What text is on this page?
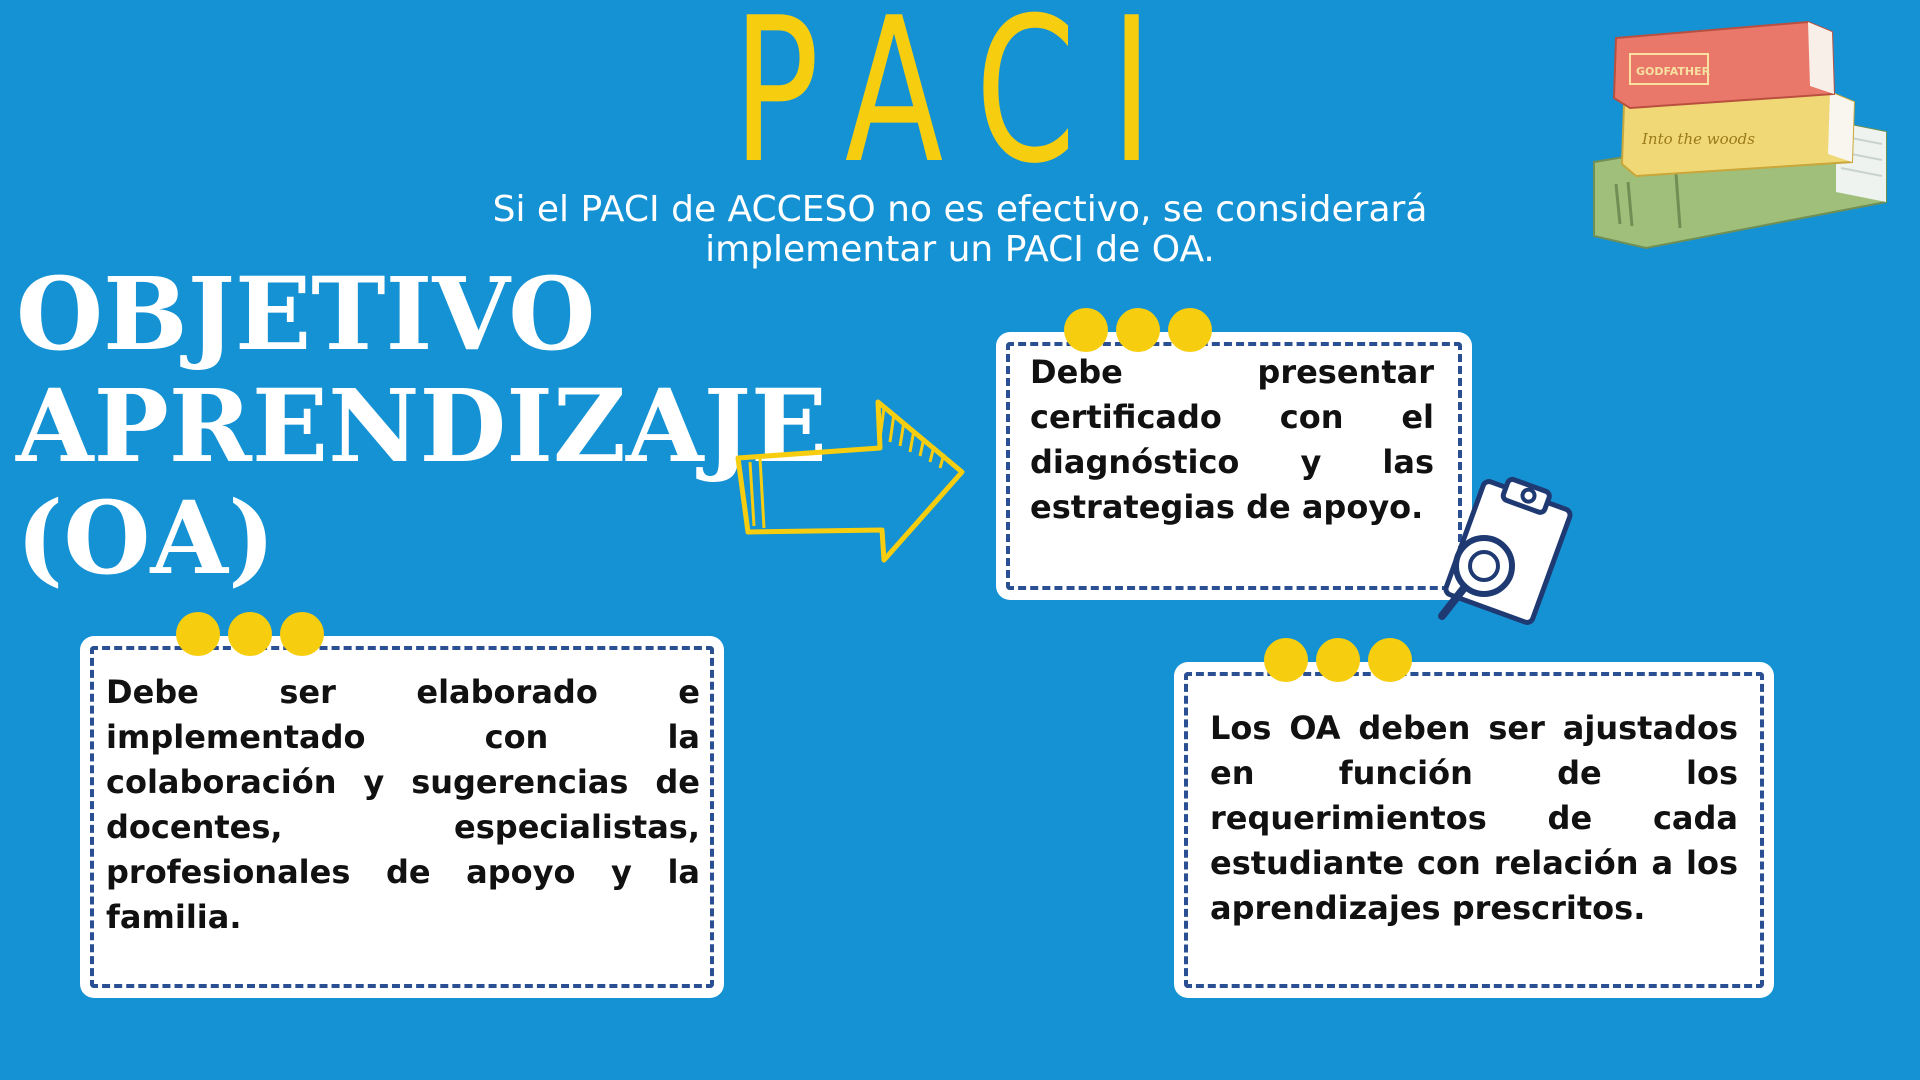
PACI

Si el PACI de ACCESO no es efectivo, se considerará implementar un PACI de OA.

OBJETIVO
APRENDIZAJE
(OA)

Debe presentar certificado con el diagnóstico y las estrategias de apoyo.

Debe ser elaborado e implementado con la colaboración y sugerencias de docentes, especialistas, profesionales de apoyo y la familia.

Los OA deben ser ajustados en función de los requerimientos de cada estudiante con relación a los aprendizajes prescritos.

Into the woods
GODFATHER
